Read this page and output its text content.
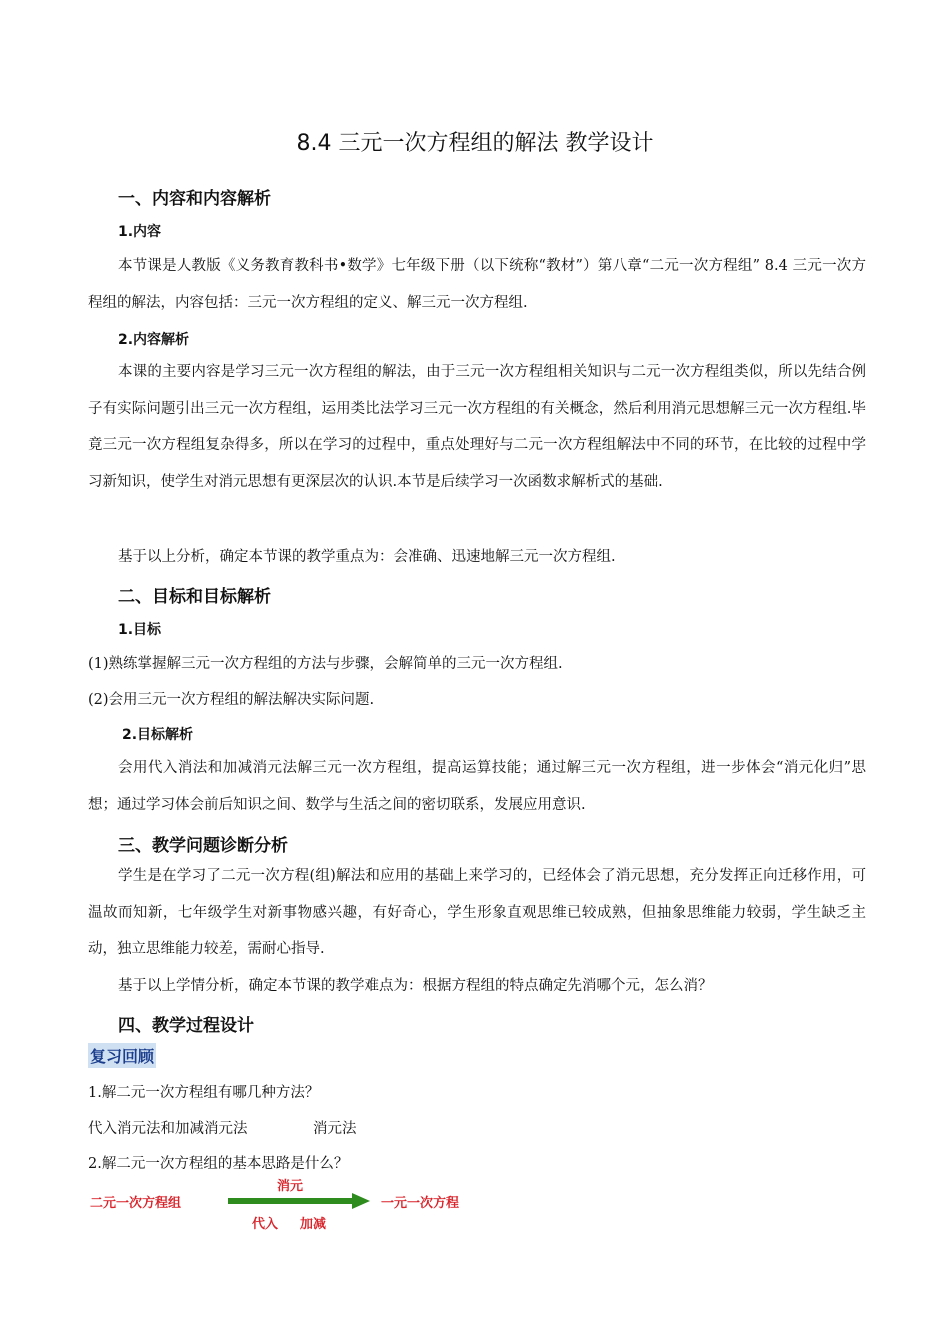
8.4 三元一次方程组的解法 教学设计
一、内容和内容解析
1.内容
本节课是人教版《义务教育教科书•数学》七年级下册（以下统称“教材”）第八章“二元一次方程组” 8.4 三元一次方程组的解法，内容包括：三元一次方程组的定义、解三元一次方程组.
2.内容解析
本课的主要内容是学习三元一次方程组的解法，由于三元一次方程组相关知识与二元一次方程组类似，所以先结合例子有实际问题引出三元一次方程组，运用类比法学习三元一次方程组的有关概念，然后利用消元思想解三元一次方程组.毕竟三元一次方程组复杂得多，所以在学习的过程中，重点处理好与二元一次方程组解法中不同的环节，在比较的过程中学习新知识，使学生对消元思想有更深层次的认识.本节是后续学习一次函数求解析式的基础.
基于以上分析，确定本节课的教学重点为：会准确、迅速地解三元一次方程组.
二、目标和目标解析
1.目标
(1)熟练掌握解三元一次方程组的方法与步骤，会解简单的三元一次方程组.
(2)会用三元一次方程组的解法解决实际问题.
2.目标解析
会用代入消法和加减消元法解三元一次方程组，提高运算技能；通过解三元一次方程组，进一步体会“消元化归”思想；通过学习体会前后知识之间、数学与生活之间的密切联系，发展应用意识.
三、教学问题诊断分析
学生是在学习了二元一次方程(组)解法和应用的基础上来学习的，已经体会了消元思想，充分发挥正向迁移作用，可温故而知新，七年级学生对新事物感兴趣，有好奇心，学生形象直观思维已较成熟，但抽象思维能力较弱，学生缺乏主动，独立思维能力较差，需耐心指导.
基于以上学情分析，确定本节课的教学难点为：根据方程组的特点确定先消哪个元，怎么消？
四、教学过程设计
复习回顾
1.解二元一次方程组有哪几种方法？
代入消元法和加减消元法	消元法
2.解二元一次方程组的基本思路是什么？
二元一次方程组
消元
代入 加减
一元一次方程
